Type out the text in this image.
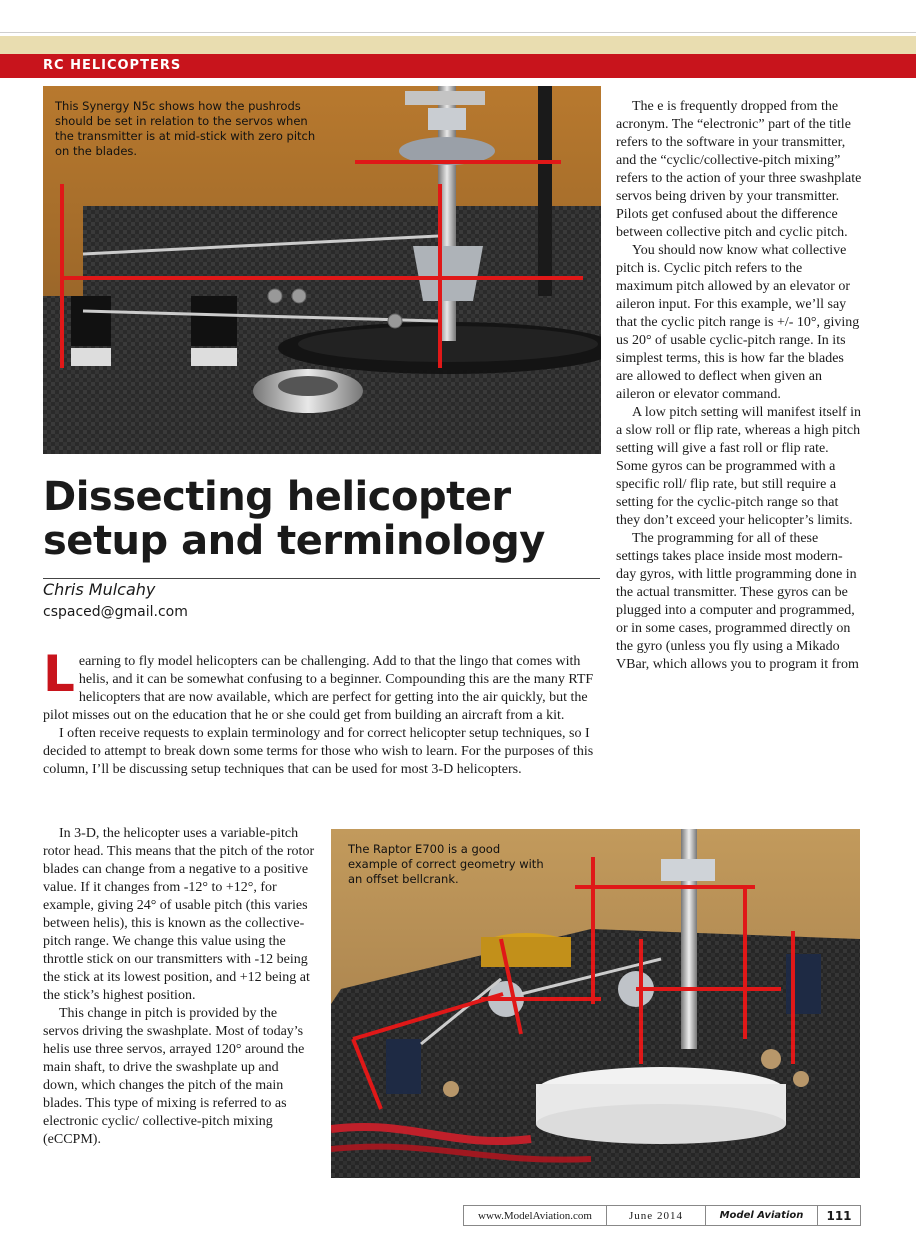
RC HELICOPTERS
This Synergy N5c shows how the pushrods should be set in relation to the servos when the transmitter is at mid-stick with zero pitch on the blades.
Dissecting helicopter setup and terminology
Chris Mulcahy
cspaced@gmail.com

Learning to fly model helicopters can be challenging. Add to that the lingo that comes with helis, and it can be somewhat confusing to a beginner. Compounding this are the many RTF helicopters that are now available, which are perfect for getting into the air quickly, but the pilot misses out on the education that he or she could get from building an aircraft from a kit.

I often receive requests to explain terminology and for correct helicopter setup techniques, so I decided to attempt to break down some terms for those who wish to learn. For the purposes of this column, I’ll be discussing setup techniques that can be used for most 3-D helicopters.

In 3-D, the helicopter uses a variable-pitch rotor head. This means that the pitch of the rotor blades can change from a negative to a positive value. If it changes from -12° to +12°, for example, giving 24° of usable pitch (this varies between helis), this is known as the collective-pitch range. We change this value using the throttle stick on our transmitters with -12 being the stick at its lowest position, and +12 being at the stick’s highest position.

This change in pitch is provided by the servos driving the swashplate. Most of today’s helis use three servos, arrayed 120° around the main shaft, to drive the swashplate up and down, which changes the pitch of the main blades. This type of mixing is referred to as electronic cyclic/ collective-pitch mixing (eCCPM).

The e is frequently dropped from the acronym. The “electronic” part of the title refers to the software in your transmitter, and the “cyclic/collective-pitch mixing” refers to the action of your three swashplate servos being driven by your transmitter. Pilots get confused about the difference between collective pitch and cyclic pitch.

You should now know what collective pitch is. Cyclic pitch refers to the maximum pitch allowed by an elevator or aileron input. For this example, we’ll say that the cyclic pitch range is +/- 10°, giving us 20° of usable cyclic-pitch range. In its simplest terms, this is how far the blades are allowed to deflect when given an aileron or elevator command.

A low pitch setting will manifest itself in a slow roll or flip rate, whereas a high pitch setting will give a fast roll or flip rate. Some gyros can be programmed with a specific roll/ flip rate, but still require a setting for the cyclic-pitch range so that they don’t exceed your helicopter’s limits.

The programming for all of these settings takes place inside most modern-day gyros, with little programming done in the actual transmitter. These gyros can be plugged into a computer and programmed, or in some cases, programmed directly on the gyro (unless you fly using a Mikado VBar, which allows you to program it from

The Raptor E700 is a good example of correct geometry with an offset bellcrank.
www.ModelAviation.com	June 2014	Model Aviation	111
